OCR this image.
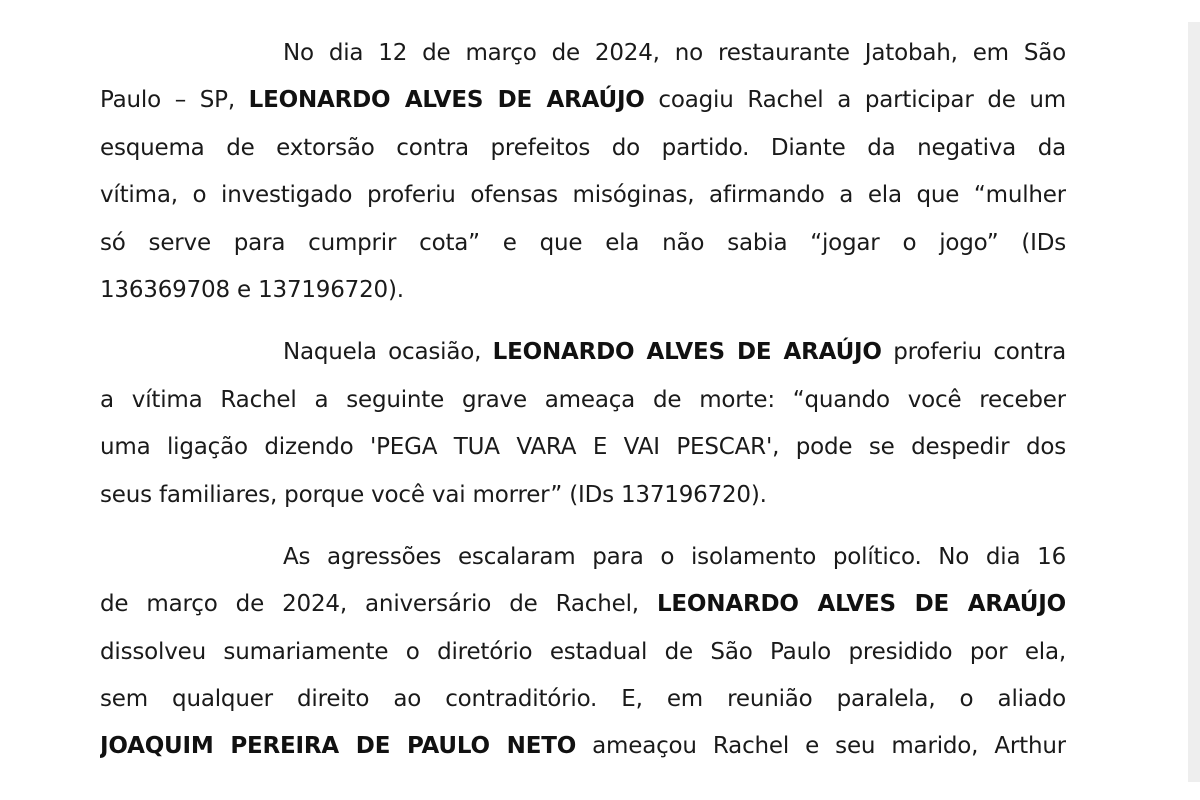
No dia 12 de março de 2024, no restaurante Jatobah, em São
Paulo – SP, LEONARDO ALVES DE ARAÚJO coagiu Rachel a participar de um
esquema de extorsão contra prefeitos do partido. Diante da negativa da
vítima, o investigado proferiu ofensas misóginas, afirmando a ela que “mulher
só serve para cumprir cota” e que ela não sabia “jogar o jogo” (IDs
136369708 e 137196720).
Naquela ocasião, LEONARDO ALVES DE ARAÚJO proferiu contra
a vítima Rachel a seguinte grave ameaça de morte: “quando você receber
uma ligação dizendo 'PEGA TUA VARA E VAI PESCAR', pode se despedir dos
seus familiares, porque você vai morrer” (IDs 137196720).
As agressões escalaram para o isolamento político. No dia 16
de março de 2024, aniversário de Rachel, LEONARDO ALVES DE ARAÚJO
dissolveu sumariamente o diretório estadual de São Paulo presidido por ela,
sem qualquer direito ao contraditório. E, em reunião paralela, o aliado
JOAQUIM PEREIRA DE PAULO NETO ameaçou Rachel e seu marido, Arthur
